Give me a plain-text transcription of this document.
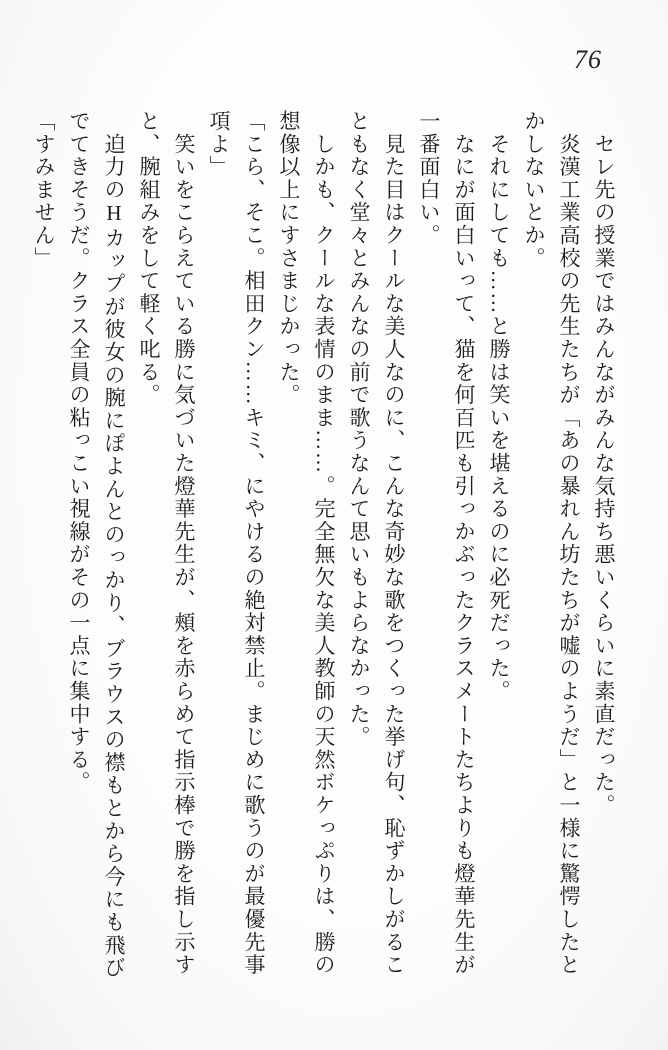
76

　セレ先の授業ではみんながみんな気持ち悪いくらいに素直だった。

　炎漢工業高校の先生たちが「あの暴れん坊たちが嘘のようだ」と一様に驚愕したと

かしないとか。

　それにしても……と勝は笑いを堪えるのに必死だった。

　なにが面白いって、猫を何百匹も引っかぶったクラスメートたちよりも燈華先生が

一番面白い。

　見た目はクールな美人なのに、こんな奇妙な歌をつくった挙げ句、恥ずかしがるこ

ともなく堂々とみんなの前で歌うなんて思いもよらなかった。

　しかも、クールな表情のまま……。完全無欠な美人教師の天然ボケっぷりは、勝の

想像以上にすさまじかった。

「こら、そこ。相田クン……キミ、にやけるの絶対禁止。まじめに歌うのが最優先事

項よ」

　笑いをこらえている勝に気づいた燈華先生が、頰を赤らめて指示棒で勝を指し示す

と、腕組みをして軽く叱る。

　迫力のHカップが彼女の腕にぽよんとのっかり、ブラウスの襟もとから今にも飛び

でてきそうだ。クラス全員の粘っこい視線がその一点に集中する。

「すみません」
